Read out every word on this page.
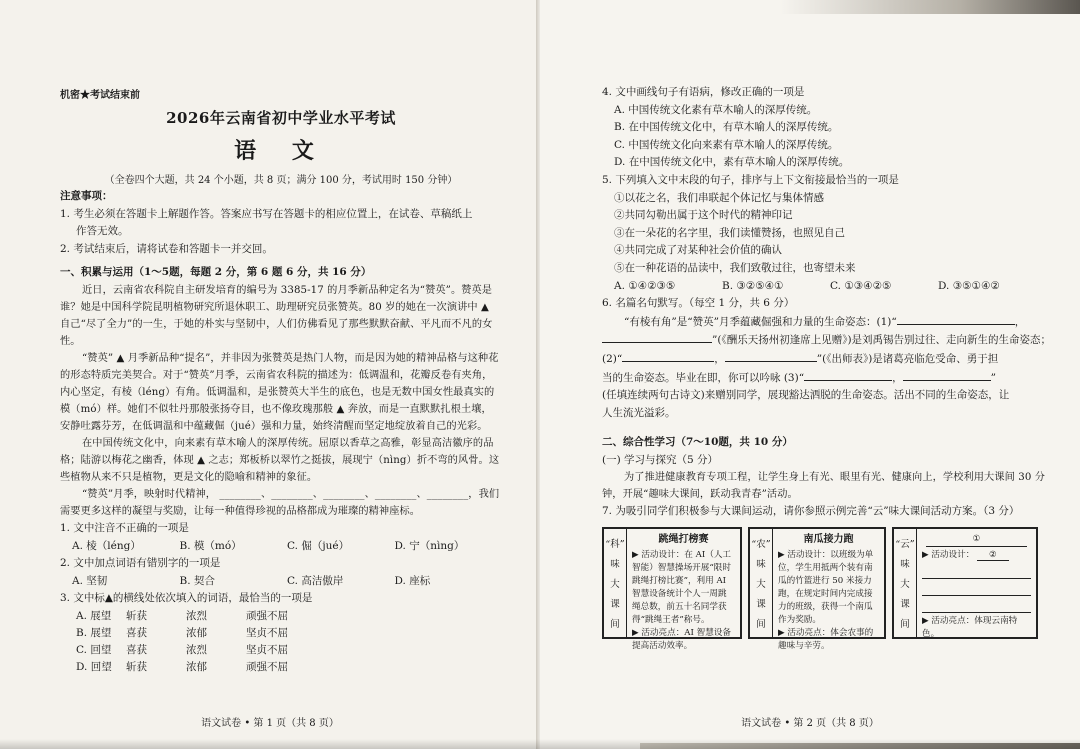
机密★考试结束前
2026年云南省初中学业水平考试
语 文
（全卷四个大题，共 24 个小题，共 8 页；满分 100 分，考试用时 150 分钟）
注意事项：
1. 考生必须在答题卡上解题作答。答案应书写在答题卡的相应位置上，在试卷、草稿纸上
作答无效。
2. 考试结束后，请将试卷和答题卡一并交回。
一、积累与运用（1～5题，每题 2 分，第 6 题 6 分，共 16 分）
近日，云南省农科院自主研发培育的编号为 3385-17 的月季新品种定名为“赞英”。赞英是谁？她是中国科学院昆明植物研究所退休职工、助理研究员张赞英。80 岁的她在一次演讲中 ▲ 自己“尽了全力”的一生，于她的朴实与坚韧中，人们仿佛看见了那些默默奋献、平凡而不凡的女性。
“赞英” ▲ 月季新品种“提名”，并非因为张赞英是热门人物，而是因为她的精神品格与这种花的形态特质完美契合。对于“赞英”月季，云南省农科院的描述为：低调温和，花瓣反卷有夹角，内心坚定，有棱（léng）有角。低调温和，是张赞英大半生的底色，也是无数中国女性最真实的模（mó）样。她们不似牡丹那般张扬夺目，也不像玫瑰那般 ▲ 奔放，而是一直默默扎根土壤，安静吐露芬芳，在低调温和中蕴藏倔（jué）强和力量，始终清醒而坚定地绽放着自己的光彩。
在中国传统文化中，向来素有草木喻人的深厚传统。屈原以香草之高雅，彰显高洁徽序的品格；陆游以梅花之幽香，体现 ▲ 之志；郑板桥以翠竹之挺拔，展现宁（nìng）折不弯的风骨。这些植物从来不只是植物，更是文化的隐喻和精神的象征。
“赞英”月季，映射时代精神， ________、________、________、________、________，我们需要更多这样的凝望与奖励，让每一种值得珍视的品格都成为璀璨的精神座标。
1. 文中注音不正确的一项是
A. 棱（léng）	B. 模（mó）	C. 倔（jué）	D. 宁（nìng）
2. 文中加点词语有错别字的一项是
A. 坚韧	B. 契合	C. 高洁傲岸	D. 座标
3. 文中标▲的横线处依次填入的词语，最恰当的一项是
A. 展望	斩获	浓烈	顽强不屈
B. 展望	喜获	浓郁	坚贞不屈
C. 回望	喜获	浓烈	坚贞不屈
D. 回望	斩获	浓郁	顽强不屈
语文试卷 • 第 1 页（共 8 页）
4. 文中画线句子有语病，修改正确的一项是
A. 中国传统文化素有草木喻人的深厚传统。
B. 在中国传统文化中，有草木喻人的深厚传统。
C. 中国传统文化向来素有草木喻人的深厚传统。
D. 在中国传统文化中，素有草木喻人的深厚传统。
5. 下列填入文中末段的句子，排序与上下文衔接最恰当的一项是
①以花之名，我们串联起个体记忆与集体情感
②共同勾勒出属于这个时代的精神印记
③在一朵花的名字里，我们读懂赞扬，也照见自己
④共同完成了对某种社会价值的确认
⑤在一种花语的品读中，我们致敬过往，也寄望未来
A. ①④②③⑤	B. ③②⑤④①	C. ①③④②⑤	D. ③⑤①④②
6. 名篇名句默写。（每空 1 分，共 6 分）
“有棱有角”是“赞英”月季蕴藏倔强和力量的生命姿态：(1)“	，
”(《酬乐天扬州初逢席上见赠》)是刘禹锡告别过往、走向新生的生命姿态；
(2)“	，	”(《出师表》)是诸葛亮临危受命、勇于担
当的生命姿态。毕业在即，你可以吟咏 (3)“	，	”
(任填连续两句古诗文)来赠别同学，展现豁达洒脱的生命姿态。活出不同的生命姿态，让
人生流光溢彩。
二、综合性学习（7～10题，共 10 分）
(一) 学习与探究（5 分）
为了推进健康教育专项工程，让学生身上有光、眼里有光、健康向上，学校利用大课间 30 分钟，开展“趣味大课间，跃动我青春”活动。
7. 为吸引同学们积极参与大课间运动，请你参照示例完善“云”味大课间活动方案。（3 分）
“科”
味
大
课
间
跳绳打榜赛
▶ 活动设计：在 AI（人工智能）智慧操场开展“限时跳绳打榜比赛”，利用 AI 智慧设备统计个人一周跳绳总数，前五十名同学获得“跳绳王者”称号。
▶ 活动亮点：AI 智慧设备提高活动效率。
“农”
味
大
课
间
南瓜接力跑
▶ 活动设计：以班级为单位，学生用抵两个装有南瓜的竹篮进行 50 米接力跑，在规定时间内完成接力的班级，获得一个南瓜作为奖励。
▶ 活动亮点：体会农事的趣味与辛劳。
“云”
味
大
课
间
①
▶ 活动设计： ②
▶ 活动亮点：体现云南特色。
语文试卷 • 第 2 页（共 8 页）
